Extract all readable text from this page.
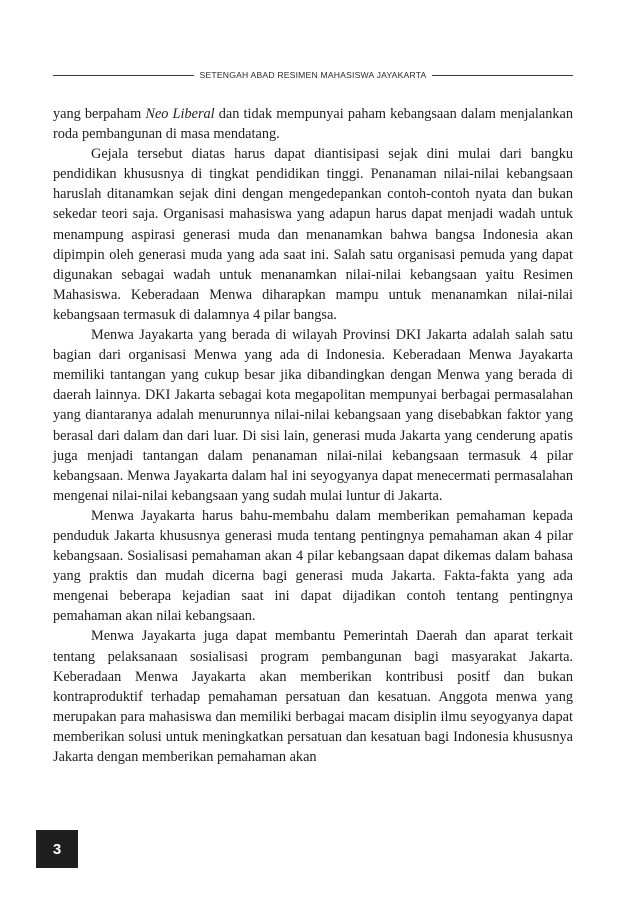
SETENGAH ABAD RESIMEN MAHASISWA JAYAKARTA

yang berpaham Neo Liberal dan tidak mempunyai paham kebangsaan dalam menjalankan roda pembangunan di masa mendatang.

Gejala tersebut diatas harus dapat diantisipasi sejak dini mulai dari bangku pendidikan khususnya di tingkat pendidikan tinggi. Penanaman nilai-nilai kebangsaan haruslah ditanamkan sejak dini dengan mengedepankan contoh-contoh nyata dan bukan sekedar teori saja. Organisasi mahasiswa yang adapun harus dapat menjadi wadah untuk menampung aspirasi generasi muda dan menanamkan bahwa bangsa Indonesia akan dipimpin oleh generasi muda yang ada saat ini. Salah satu organisasi pemuda yang dapat digunakan sebagai wadah untuk menanamkan nilai-nilai kebangsaan yaitu Resimen Mahasiswa. Keberadaan Menwa diharapkan mampu untuk menanamkan nilai-nilai kebangsaan termasuk di dalamnya 4 pilar bangsa.

Menwa Jayakarta yang berada di wilayah Provinsi DKI Jakarta adalah salah satu bagian dari organisasi Menwa yang ada di Indonesia. Keberadaan Menwa Jayakarta memiliki tantangan yang cukup besar jika dibandingkan dengan Menwa yang berada di daerah lainnya. DKI Jakarta sebagai kota megapolitan mempunyai berbagai permasalahan yang diantaranya adalah menurunnya nilai-nilai kebangsaan yang disebabkan faktor yang berasal dari dalam dan dari luar. Di sisi lain, generasi muda Jakarta yang cenderung apatis juga menjadi tantangan dalam penanaman nilai-nilai kebangsaan termasuk 4 pilar kebangsaan. Menwa Jayakarta dalam hal ini seyogyanya dapat menecermati permasalahan mengenai nilai-nilai kebangsaan yang sudah mulai luntur di Jakarta.

Menwa Jayakarta harus bahu-membahu dalam memberikan pemahaman kepada penduduk Jakarta khususnya generasi muda tentang pentingnya pemahaman akan 4 pilar kebangsaan. Sosialisasi pemahaman akan 4 pilar kebangsaan dapat dikemas dalam bahasa yang praktis dan mudah dicerna bagi generasi muda Jakarta. Fakta-fakta yang ada mengenai beberapa kejadian saat ini dapat dijadikan contoh tentang pentingnya pemahaman akan nilai kebangsaan.

Menwa Jayakarta juga dapat membantu Pemerintah Daerah dan aparat terkait tentang pelaksanaan sosialisasi program pembangunan bagi masyarakat Jakarta. Keberadaan Menwa Jayakarta akan memberikan kontribusi positf dan bukan kontraproduktif terhadap pemahaman persatuan dan kesatuan. Anggota menwa yang merupakan para mahasiswa dan memiliki berbagai macam disiplin ilmu seyogyanya dapat memberikan solusi untuk meningkatkan persatuan dan kesatuan bagi Indonesia khususnya Jakarta dengan memberikan pemahaman akan

3
